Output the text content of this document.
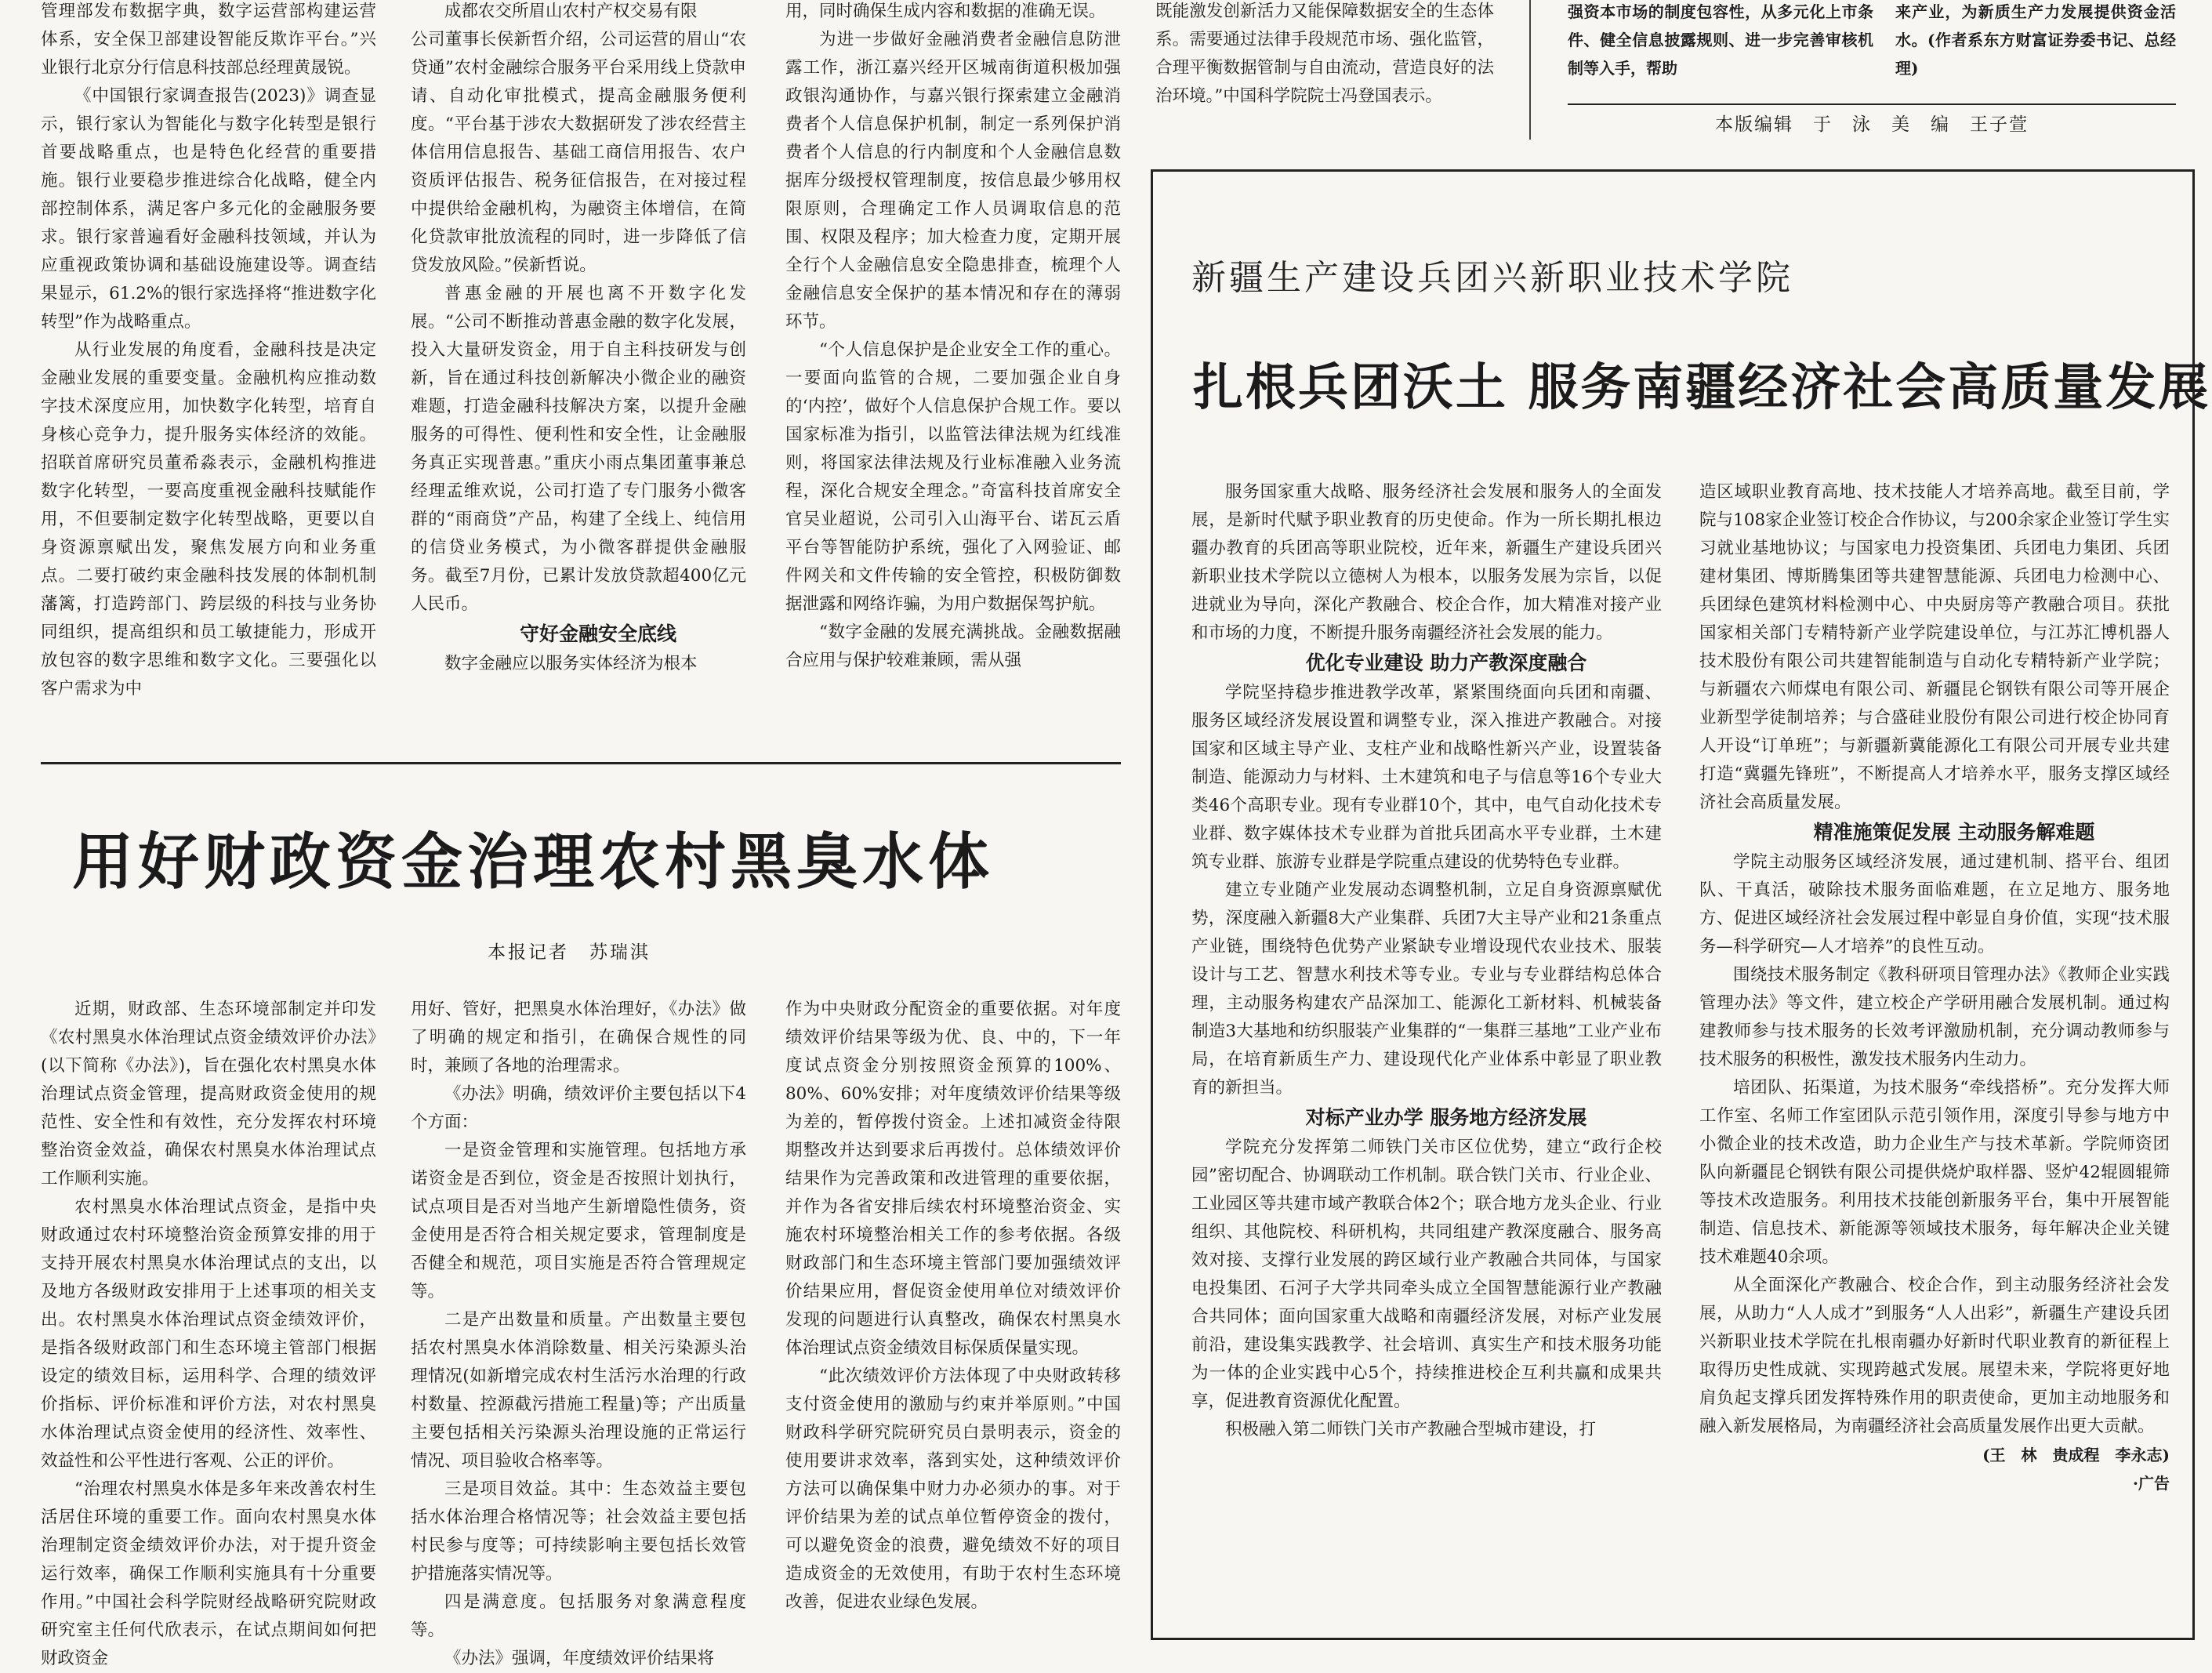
管理部发布数据字典，数字运营部构建运营体系，安全保卫部建设智能反欺诈平台。”兴业银行北京分行信息科技部总经理黄晟锐。

《中国银行家调查报告(2023)》调查显示，银行家认为智能化与数字化转型是银行首要战略重点，也是特色化经营的重要措施。银行业要稳步推进综合化战略，健全内部控制体系，满足客户多元化的金融服务要求。银行家普遍看好金融科技领域，并认为应重视政策协调和基础设施建设等。调查结果显示，61.2%的银行家选择将“推进数字化转型”作为战略重点。

从行业发展的角度看，金融科技是决定金融业发展的重要变量。金融机构应推动数字技术深度应用，加快数字化转型，培育自身核心竞争力，提升服务实体经济的效能。招联首席研究员董希淼表示，金融机构推进数字化转型，一要高度重视金融科技赋能作用，不但要制定数字化转型战略，更要以自身资源禀赋出发，聚焦发展方向和业务重点。二要打破约束金融科技发展的体制机制藩篱，打造跨部门、跨层级的科技与业务协同组织，提高组织和员工敏捷能力，形成开放包容的数字思维和数字文化。三要强化以客户需求为中

成都农交所眉山农村产权交易有限

公司董事长侯新哲介绍，公司运营的眉山“农贷通”农村金融综合服务平台采用线上贷款申请、自动化审批模式，提高金融服务便利度。“平台基于涉农大数据研发了涉农经营主体信用信息报告、基础工商信用报告、农户资质评估报告、税务征信报告，在对接过程中提供给金融机构，为融资主体增信，在简化贷款审批放流程的同时，进一步降低了信贷发放风险。”侯新哲说。

普惠金融的开展也离不开数字化发展。“公司不断推动普惠金融的数字化发展，投入大量研发资金，用于自主科技研发与创新，旨在通过科技创新解决小微企业的融资难题，打造金融科技解决方案，以提升金融服务的可得性、便利性和安全性，让金融服务真正实现普惠。”重庆小雨点集团董事兼总经理孟维欢说，公司打造了专门服务小微客群的“雨商贷”产品，构建了全线上、纯信用的信贷业务模式，为小微客群提供金融服务。截至7月份，已累计发放贷款超400亿元人民币。

守好金融安全底线

数字金融应以服务实体经济为根本

用，同时确保生成内容和数据的准确无误。

为进一步做好金融消费者金融信息防泄露工作，浙江嘉兴经开区城南街道积极加强政银沟通协作，与嘉兴银行探索建立金融消费者个人信息保护机制，制定一系列保护消费者个人信息的行内制度和个人金融信息数据库分级授权管理制度，按信息最少够用权限原则，合理确定工作人员调取信息的范围、权限及程序；加大检查力度，定期开展全行个人金融信息安全隐患排查，梳理个人金融信息安全保护的基本情况和存在的薄弱环节。

“个人信息保护是企业安全工作的重心。一要面向监管的合规，二要加强企业自身的‘内控’，做好个人信息保护合规工作。要以国家标准为指引，以监管法律法规为红线准则，将国家法律法规及行业标准融入业务流程，深化合规安全理念。”奇富科技首席安全官吴业超说，公司引入山海平台、诺瓦云盾平台等智能防护系统，强化了入网验证、邮件网关和文件传输的安全管控，积极防御数据泄露和网络诈骗，为用户数据保驾护航。

“数字金融的发展充满挑战。金融数据融合应用与保护较难兼顾，需从强

既能激发创新活力又能保障数据安全的生态体系。需要通过法律手段规范市场、强化监管，合理平衡数据管制与自由流动，营造良好的法治环境。”中国科学院院士冯登国表示。

强资本市场的制度包容性，从多元化上市条件、健全信息披露规则、进一步完善审核机制等入手，帮助

来产业，为新质生产力发展提供资金活水。(作者系东方财富证券委书记、总经理)

本版编辑　于　泳　美　编　王子萱
用好财政资金治理农村黑臭水体
本报记者　苏瑞淇

近期，财政部、生态环境部制定并印发《农村黑臭水体治理试点资金绩效评价办法》(以下简称《办法》)，旨在强化农村黑臭水体治理试点资金管理，提高财政资金使用的规范性、安全性和有效性，充分发挥农村环境整治资金效益，确保农村黑臭水体治理试点工作顺利实施。

农村黑臭水体治理试点资金，是指中央财政通过农村环境整治资金预算安排的用于支持开展农村黑臭水体治理试点的支出，以及地方各级财政安排用于上述事项的相关支出。农村黑臭水体治理试点资金绩效评价，是指各级财政部门和生态环境主管部门根据设定的绩效目标，运用科学、合理的绩效评价指标、评价标准和评价方法，对农村黑臭水体治理试点资金使用的经济性、效率性、效益性和公平性进行客观、公正的评价。

“治理农村黑臭水体是多年来改善农村生活居住环境的重要工作。面向农村黑臭水体治理制定资金绩效评价办法，对于提升资金运行效率，确保工作顺利实施具有十分重要作用。”中国社会科学院财经战略研究院财政研究室主任何代欣表示，在试点期间如何把财政资金

用好、管好，把黑臭水体治理好，《办法》做了明确的规定和指引，在确保合规性的同时，兼顾了各地的治理需求。

《办法》明确，绩效评价主要包括以下4个方面：

一是资金管理和实施管理。包括地方承诺资金是否到位，资金是否按照计划执行，试点项目是否对当地产生新增隐性债务，资金使用是否符合相关规定要求，管理制度是否健全和规范，项目实施是否符合管理规定等。

二是产出数量和质量。产出数量主要包括农村黑臭水体消除数量、相关污染源头治理情况(如新增完成农村生活污水治理的行政村数量、控源截污措施工程量)等；产出质量主要包括相关污染源头治理设施的正常运行情况、项目验收合格率等。

三是项目效益。其中：生态效益主要包括水体治理合格情况等；社会效益主要包括村民参与度等；可持续影响主要包括长效管护措施落实情况等。

四是满意度。包括服务对象满意程度等。

《办法》强调，年度绩效评价结果将

作为中央财政分配资金的重要依据。对年度绩效评价结果等级为优、良、中的，下一年度试点资金分别按照资金预算的100%、80%、60%安排；对年度绩效评价结果等级为差的，暂停拨付资金。上述扣减资金待限期整改并达到要求后再拨付。总体绩效评价结果作为完善政策和改进管理的重要依据，并作为各省安排后续农村环境整治资金、实施农村环境整治相关工作的参考依据。各级财政部门和生态环境主管部门要加强绩效评价结果应用，督促资金使用单位对绩效评价发现的问题进行认真整改，确保农村黑臭水体治理试点资金绩效目标保质保量实现。

“此次绩效评价方法体现了中央财政转移支付资金使用的激励与约束并举原则。”中国财政科学研究院研究员白景明表示，资金的使用要讲求效率，落到实处，这种绩效评价方法可以确保集中财力办必须办的事。对于评价结果为差的试点单位暂停资金的拨付，可以避免资金的浪费，避免绩效不好的项目造成资金的无效使用，有助于农村生态环境改善，促进农业绿色发展。

新疆生产建设兵团兴新职业技术学院
扎根兵团沃土 服务南疆经济社会高质量发展

服务国家重大战略、服务经济社会发展和服务人的全面发展，是新时代赋予职业教育的历史使命。作为一所长期扎根边疆办教育的兵团高等职业院校，近年来，新疆生产建设兵团兴新职业技术学院以立德树人为根本，以服务发展为宗旨，以促进就业为导向，深化产教融合、校企合作，加大精准对接产业和市场的力度，不断提升服务南疆经济社会发展的能力。

优化专业建设 助力产教深度融合

学院坚持稳步推进教学改革，紧紧围绕面向兵团和南疆、服务区域经济发展设置和调整专业，深入推进产教融合。对接国家和区域主导产业、支柱产业和战略性新兴产业，设置装备制造、能源动力与材料、土木建筑和电子与信息等16个专业大类46个高职专业。现有专业群10个，其中，电气自动化技术专业群、数字媒体技术专业群为首批兵团高水平专业群，土木建筑专业群、旅游专业群是学院重点建设的优势特色专业群。

建立专业随产业发展动态调整机制，立足自身资源禀赋优势，深度融入新疆8大产业集群、兵团7大主导产业和21条重点产业链，围绕特色优势产业紧缺专业增设现代农业技术、服装设计与工艺、智慧水利技术等专业。专业与专业群结构总体合理，主动服务构建农产品深加工、能源化工新材料、机械装备制造3大基地和纺织服装产业集群的“一集群三基地”工业产业布局，在培育新质生产力、建设现代化产业体系中彰显了职业教育的新担当。

对标产业办学 服务地方经济发展

学院充分发挥第二师铁门关市区位优势，建立“政行企校园”密切配合、协调联动工作机制。联合铁门关市、行业企业、工业园区等共建市域产教联合体2个；联合地方龙头企业、行业组织、其他院校、科研机构，共同组建产教深度融合、服务高效对接、支撑行业发展的跨区域行业产教融合共同体，与国家电投集团、石河子大学共同牵头成立全国智慧能源行业产教融合共同体；面向国家重大战略和南疆经济发展，对标产业发展前沿，建设集实践教学、社会培训、真实生产和技术服务功能为一体的企业实践中心5个，持续推进校企互利共赢和成果共享，促进教育资源优化配置。

积极融入第二师铁门关市产教融合型城市建设，打

造区域职业教育高地、技术技能人才培养高地。截至目前，学院与108家企业签订校企合作协议，与200余家企业签订学生实习就业基地协议；与国家电力投资集团、兵团电力集团、兵团建材集团、博斯腾集团等共建智慧能源、兵团电力检测中心、兵团绿色建筑材料检测中心、中央厨房等产教融合项目。获批国家相关部门专精特新产业学院建设单位，与江苏汇博机器人技术股份有限公司共建智能制造与自动化专精特新产业学院；与新疆农六师煤电有限公司、新疆昆仑钢铁有限公司等开展企业新型学徒制培养；与合盛硅业股份有限公司进行校企协同育人开设“订单班”；与新疆新冀能源化工有限公司开展专业共建打造“冀疆先锋班”，不断提高人才培养水平，服务支撑区域经济社会高质量发展。

精准施策促发展 主动服务解难题

学院主动服务区域经济发展，通过建机制、搭平台、组团队、干真活，破除技术服务面临难题，在立足地方、服务地方、促进区域经济社会发展过程中彰显自身价值，实现“技术服务—科学研究—人才培养”的良性互动。

围绕技术服务制定《教科研项目管理办法》《教师企业实践管理办法》等文件，建立校企产学研用融合发展机制。通过构建教师参与技术服务的长效考评激励机制，充分调动教师参与技术服务的积极性，激发技术服务内生动力。

培团队、拓渠道，为技术服务“牵线搭桥”。充分发挥大师工作室、名师工作室团队示范引领作用，深度引导参与地方中小微企业的技术改造，助力企业生产与技术革新。学院师资团队向新疆昆仑钢铁有限公司提供烧炉取样器、竖炉42辊圆辊筛等技术改造服务。利用技术技能创新服务平台，集中开展智能制造、信息技术、新能源等领域技术服务，每年解决企业关键技术难题40余项。

从全面深化产教融合、校企合作，到主动服务经济社会发展，从助力“人人成才”到服务“人人出彩”，新疆生产建设兵团兴新职业技术学院在扎根南疆办好新时代职业教育的新征程上取得历史性成就、实现跨越式发展。展望未来，学院将更好地肩负起支撑兵团发挥特殊作用的职责使命，更加主动地服务和融入新发展格局，为南疆经济社会高质量发展作出更大贡献。

(王　林　贵成程　李永志)

·广告
